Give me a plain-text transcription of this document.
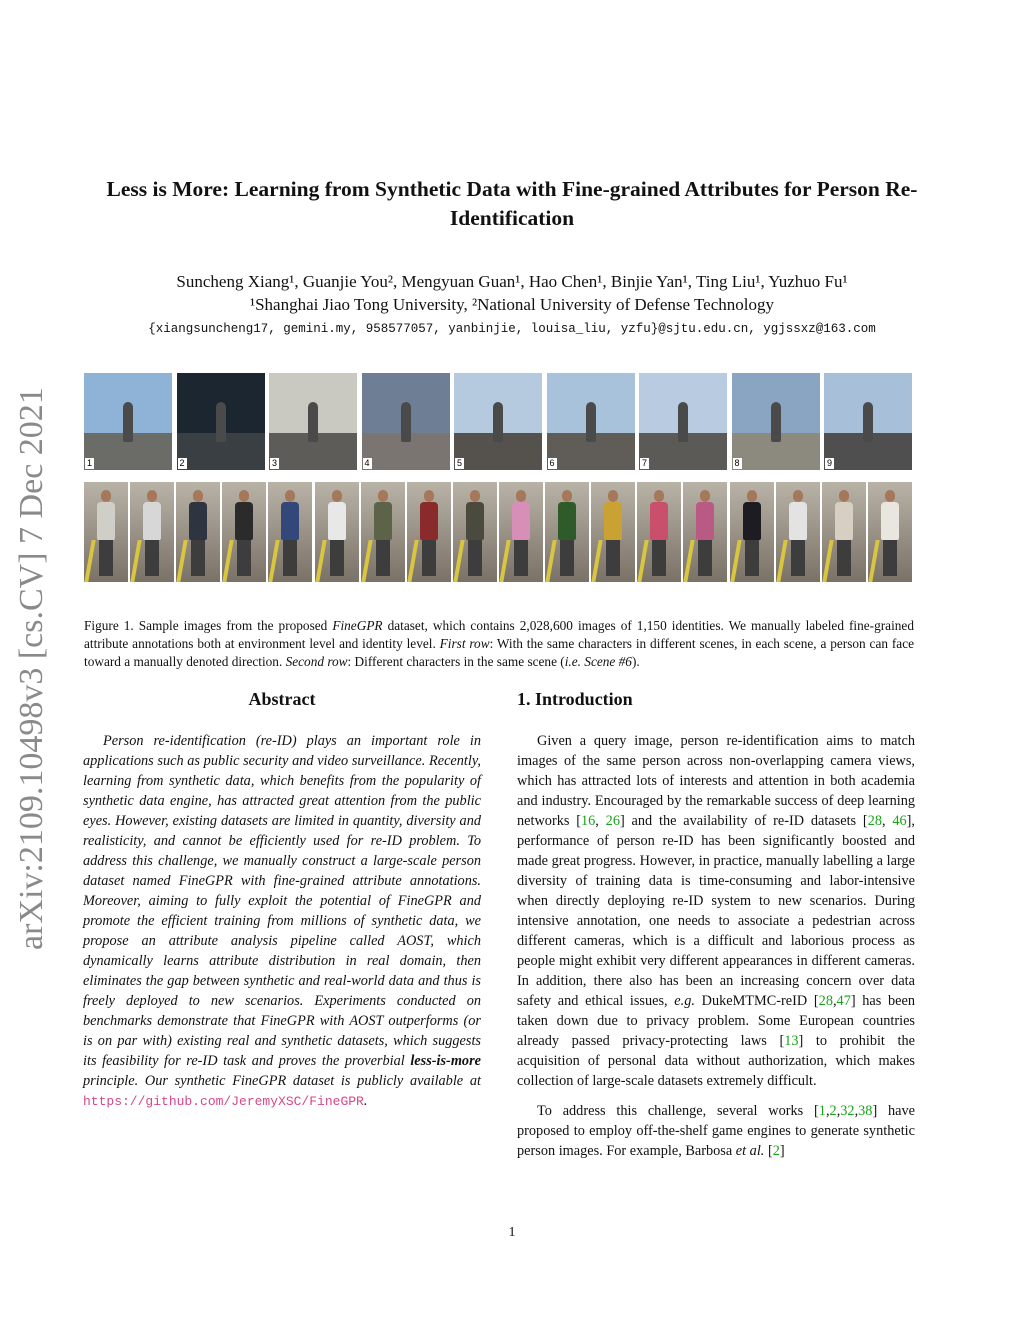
arXiv:2109.10498v3 [cs.CV] 7 Dec 2021
Less is More: Learning from Synthetic Data with Fine-grained Attributes for Person Re-Identification
Suncheng Xiang¹, Guanjie You², Mengyuan Guan¹, Hao Chen¹, Binjie Yan¹, Ting Liu¹, Yuzhuo Fu¹
¹Shanghai Jiao Tong University, ²National University of Defense Technology
{xiangsuncheng17, gemini.my, 958577057, yanbinjie, louisa_liu, yzfu}@sjtu.edu.cn, ygjssxz@163.com
1	2	3	4	5	6	7	8	9
Figure 1. Sample images from the proposed FineGPR dataset, which contains 2,028,600 images of 1,150 identities. We manually labeled fine-grained attribute annotations both at environment level and identity level. First row: With the same characters in different scenes, in each scene, a person can face toward a manually denoted direction. Second row: Different characters in the same scene (i.e. Scene #6).
Abstract

Person re-identification (re-ID) plays an important role in applications such as public security and video surveillance. Recently, learning from synthetic data, which benefits from the popularity of synthetic data engine, has attracted great attention from the public eyes. However, existing datasets are limited in quantity, diversity and realisticity, and cannot be efficiently used for re-ID problem. To address this challenge, we manually construct a large-scale person dataset named FineGPR with fine-grained attribute annotations. Moreover, aiming to fully exploit the potential of FineGPR and promote the efficient training from millions of synthetic data, we propose an attribute analysis pipeline called AOST, which dynamically learns attribute distribution in real domain, then eliminates the gap between synthetic and real-world data and thus is freely deployed to new scenarios. Experiments conducted on benchmarks demonstrate that FineGPR with AOST outperforms (or is on par with) existing real and synthetic datasets, which suggests its feasibility for re-ID task and proves the proverbial less-is-more principle. Our synthetic FineGPR dataset is publicly available at https://github.com/JeremyXSC/FineGPR.

1. Introduction

Given a query image, person re-identification aims to match images of the same person across non-overlapping camera views, which has attracted lots of interests and attention in both academia and industry. Encouraged by the remarkable success of deep learning networks [16, 26] and the availability of re-ID datasets [28, 46], performance of person re-ID has been significantly boosted and made great progress. However, in practice, manually labelling a large diversity of training data is time-consuming and labor-intensive when directly deploying re-ID system to new scenarios. During intensive annotation, one needs to associate a pedestrian across different cameras, which is a difficult and laborious process as people might exhibit very different appearances in different cameras. In addition, there also has been an increasing concern over data safety and ethical issues, e.g. DukeMTMC-reID [28,47] has been taken down due to privacy problem. Some European countries already passed privacy-protecting laws [13] to prohibit the acquisition of personal data without authorization, which makes collection of large-scale datasets extremely difficult.

To address this challenge, several works [1,2,32,38] have proposed to employ off-the-shelf game engines to generate synthetic person images. For example, Barbosa et al. [2]

1
